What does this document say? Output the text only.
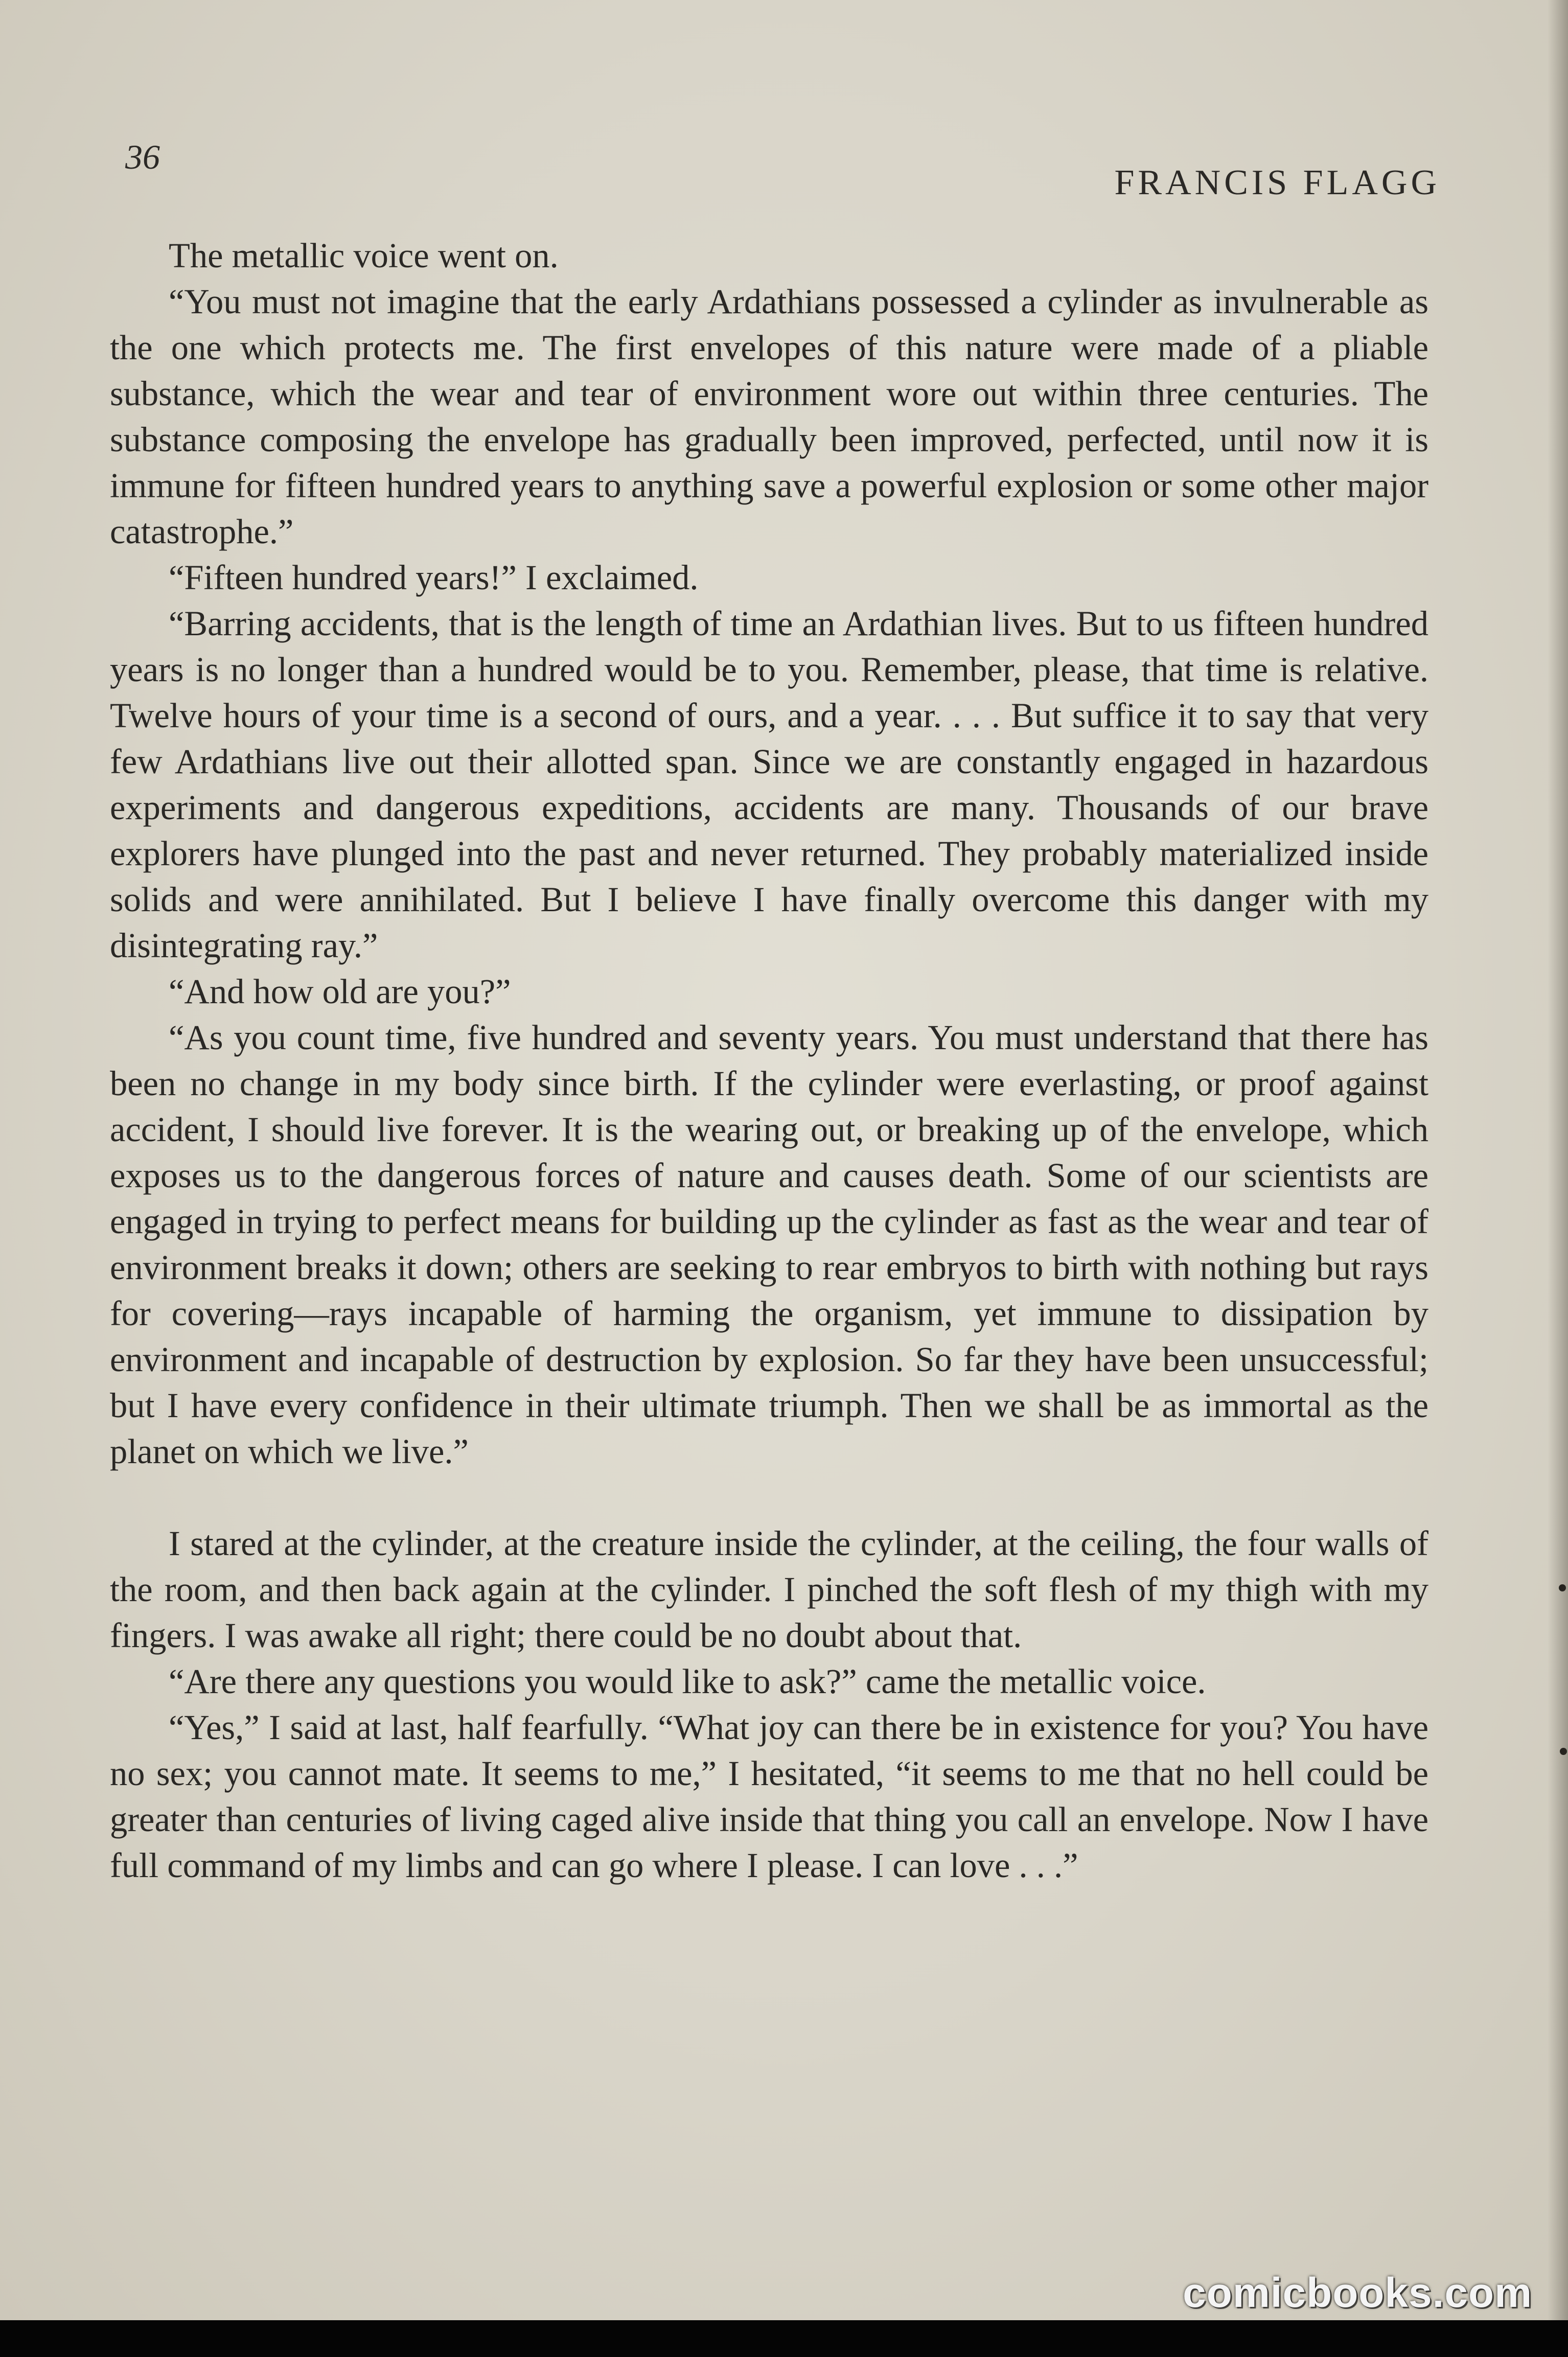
36
FRANCIS FLAGG

The metallic voice went on.

“You must not imagine that the early Ardathians possessed a cylinder as invulnerable as the one which protects me. The first envelopes of this nature were made of a pliable substance, which the wear and tear of environment wore out within three centuries. The substance composing the envelope has gradually been improved, perfected, until now it is immune for fifteen hundred years to anything save a powerful explosion or some other major catastrophe.”

“Fifteen hundred years!” I exclaimed.

“Barring accidents, that is the length of time an Ardathian lives. But to us fifteen hundred years is no longer than a hundred would be to you. Remember, please, that time is relative. Twelve hours of your time is a second of ours, and a year. . . . But suffice it to say that very few Ardathians live out their allotted span. Since we are constantly engaged in hazardous experiments and dangerous expeditions, accidents are many. Thousands of our brave explorers have plunged into the past and never returned. They probably materialized inside solids and were annihilated. But I believe I have finally overcome this danger with my disintegrating ray.”

“And how old are you?”

“As you count time, five hundred and seventy years. You must understand that there has been no change in my body since birth. If the cylinder were everlasting, or proof against accident, I should live forever. It is the wearing out, or breaking up of the envelope, which exposes us to the dangerous forces of nature and causes death. Some of our scientists are engaged in trying to perfect means for building up the cylinder as fast as the wear and tear of environment breaks it down; others are seeking to rear embryos to birth with nothing but rays for covering—rays incapable of harming the organism, yet immune to dissipation by environment and incapable of destruction by explosion. So far they have been unsuccessful; but I have every confidence in their ultimate triumph. Then we shall be as immortal as the planet on which we live.”

I stared at the cylinder, at the creature inside the cylinder, at the ceiling, the four walls of the room, and then back again at the cylinder. I pinched the soft flesh of my thigh with my fingers. I was awake all right; there could be no doubt about that.

“Are there any questions you would like to ask?” came the metallic voice.

“Yes,” I said at last, half fearfully. “What joy can there be in existence for you? You have no sex; you cannot mate. It seems to me,” I hesitated, “it seems to me that no hell could be greater than centuries of living caged alive inside that thing you call an envelope. Now I have full command of my limbs and can go where I please. I can love . . .”

comicbooks.com
